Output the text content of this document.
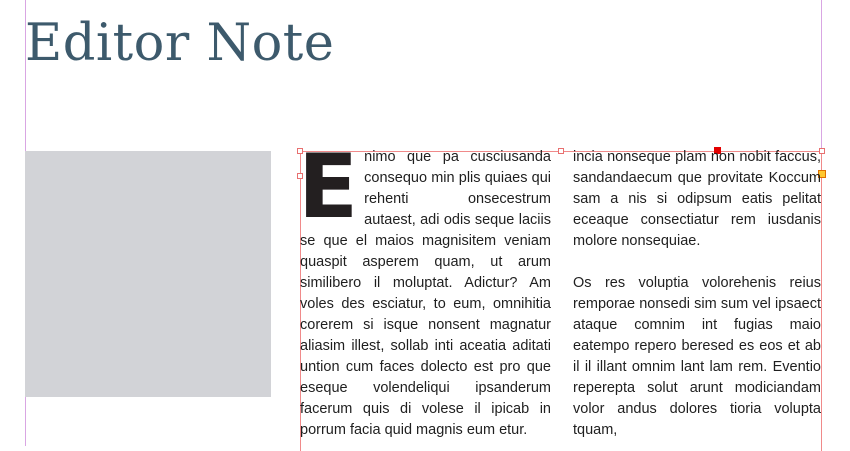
Editor Note
E nimo que pa cusciusanda consequo min plis quiaes qui rehenti onsecestrum autaest, adi odis seque laciis se que el maios magnisitem veniam quaspit asperem quam, ut arum similibero il moluptat. Adictur? Am voles des esciatur, to eum, omnihitia corerem si isque nonsent magnatur aliasim illest, sollab inti aceatia aditati untion cum faces dolecto est pro que eseque volendeliqui ipsanderum facerum quis di volese il ipicab in porrum facia quid magnis eum etur.

incia nonseque plam non nobit faccus, sandandaecum que provitate Koccum sam a nis si odipsum eatis pelitat eceaque consectiatur rem iusdanis molore nonsequiae.

Os res voluptia volorehenis reius remporae nonsedi sim sum vel ipsaect ataque comnim int fugias maio eatempo repero beresed es eos et ab il il illant omnim lant lam rem. Eventio reperepta solut arunt modiciandam volor andus dolores tioria volupta tquam,
